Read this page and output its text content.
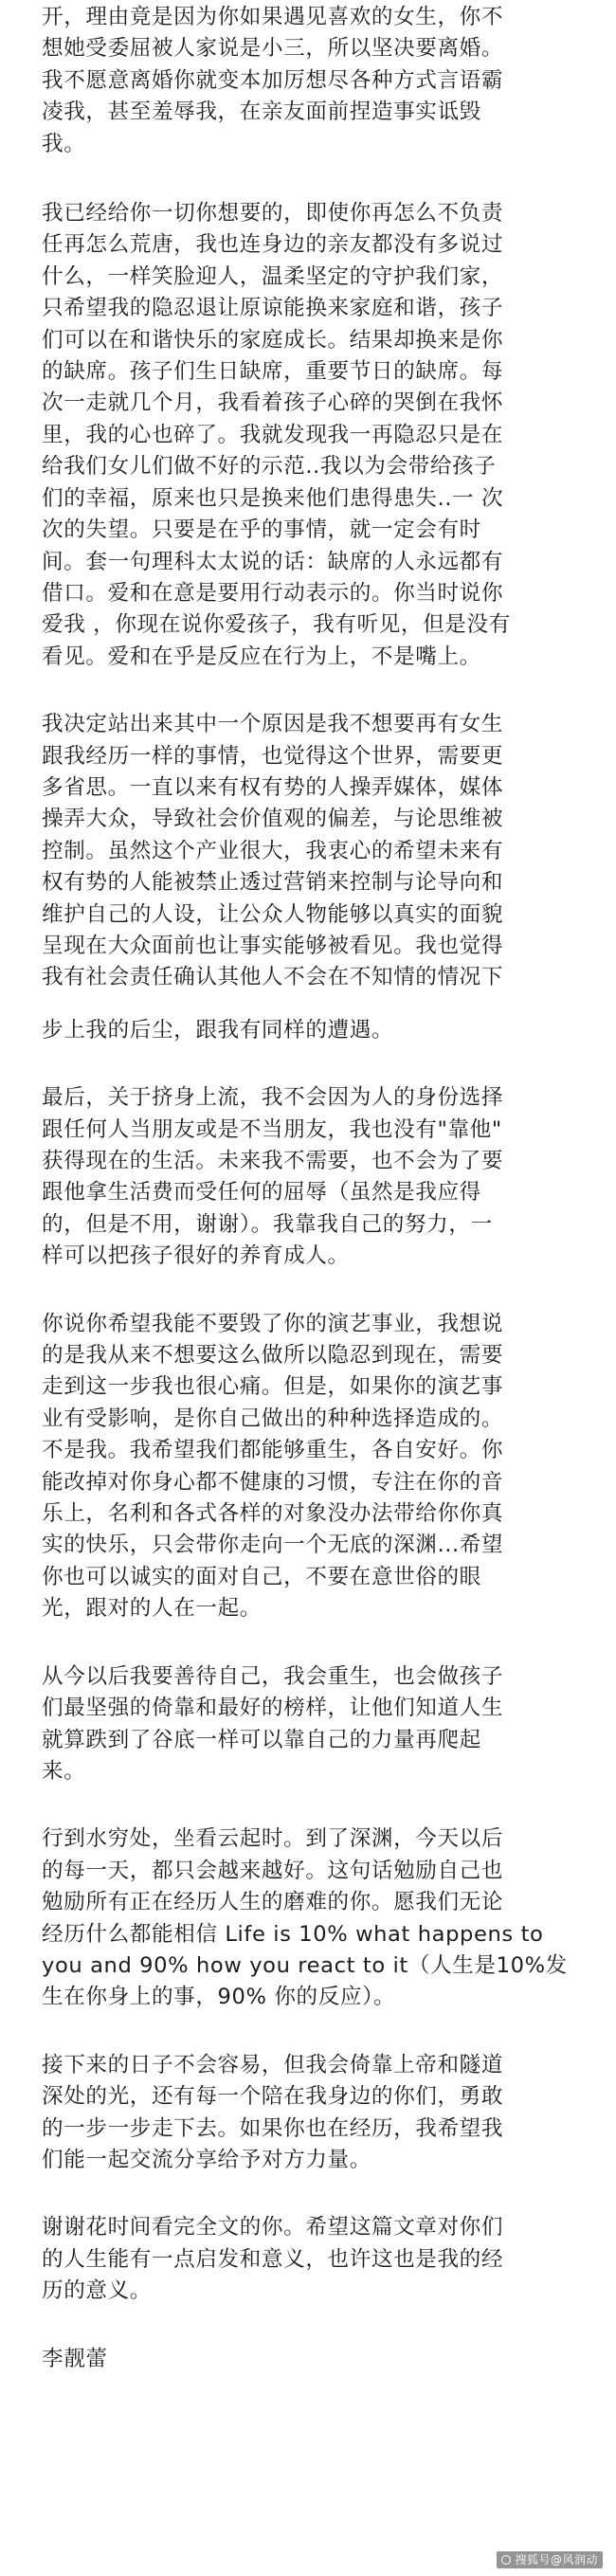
开，理由竟是因为你如果遇见喜欢的女生，你不
想她受委屈被人家说是小三，所以坚决要离婚。
我不愿意离婚你就变本加厉想尽各种方式言语霸
凌我，甚至羞辱我，在亲友面前捏造事实诋毁
我。

我已经给你一切你想要的，即使你再怎么不负责
任再怎么荒唐，我也连身边的亲友都没有多说过
什么，一样笑脸迎人，温柔坚定的守护我们家，
只希望我的隐忍退让原谅能换来家庭和谐，孩子
们可以在和谐快乐的家庭成长。结果却换来是你
的缺席。孩子们生日缺席，重要节日的缺席。每
次一走就几个月，我看着孩子心碎的哭倒在我怀
里，我的心也碎了。我就发现我一再隐忍只是在
给我们女儿们做不好的示范..我以为会带给孩子
们的幸福，原来也只是换来他们患得患失..一 次
次的失望。只要是在乎的事情，就一定会有时
间。套一句理科太太说的话：缺席的人永远都有
借口。爱和在意是要用行动表示的。你当时说你
爱我 ，你现在说你爱孩子，我有听见，但是没有
看见。爱和在乎是反应在行为上，不是嘴上。

我决定站出来其中一个原因是我不想要再有女生
跟我经历一样的事情，也觉得这个世界，需要更
多省思。一直以来有权有势的人操弄媒体，媒体
操弄大众，导致社会价值观的偏差，与论思维被
控制。虽然这个产业很大，我衷心的希望未来有
权有势的人能被禁止透过营销来控制与论导向和
维护自己的人设，让公众人物能够以真实的面貌
呈现在大众面前也让事实能够被看见。我也觉得
我有社会责任确认其他人不会在不知情的情况下

步上我的后尘，跟我有同样的遭遇。

最后，关于挤身上流，我不会因为人的身份选择
跟任何人当朋友或是不当朋友，我也没有"靠他"
获得现在的生活。未来我不需要，也不会为了要
跟他拿生活费而受任何的屈辱（虽然是我应得
的，但是不用，谢谢）。我靠我自己的努力，一
样可以把孩子很好的养育成人。

你说你希望我能不要毁了你的演艺事业，我想说
的是我从来不想要这么做所以隐忍到现在，需要
走到这一步我也很心痛。但是，如果你的演艺事
业有受影响，是你自己做出的种种选择造成的。
不是我。我希望我们都能够重生，各自安好。你
能改掉对你身心都不健康的习惯，专注在你的音
乐上，名利和各式各样的对象没办法带给你你真
实的快乐，只会带你走向一个无底的深渊...希望
你也可以诚实的面对自己，不要在意世俗的眼
光，跟对的人在一起。

从今以后我要善待自己，我会重生，也会做孩子
们最坚强的倚靠和最好的榜样，让他们知道人生
就算跌到了谷底一样可以靠自己的力量再爬起
来。

行到水穷处，坐看云起时。到了深渊，今天以后
的每一天，都只会越来越好。这句话勉励自己也
勉励所有正在经历人生的磨难的你。愿我们无论
经历什么都能相信 Life is 10% what happens to
you and 90% how you react to it（人生是10%发
生在你身上的事，90% 你的反应）。

接下来的日子不会容易，但我会倚靠上帝和隧道
深处的光，还有每一个陪在我身边的你们，勇敢
的一步一步走下去。如果你也在经历，我希望我
们能一起交流分享给予对方力量。

谢谢花时间看完全文的你。希望这篇文章对你们
的人生能有一点启发和意义，也许这也是我的经
历的意义。

李靓蕾

搜狐号@风润动
